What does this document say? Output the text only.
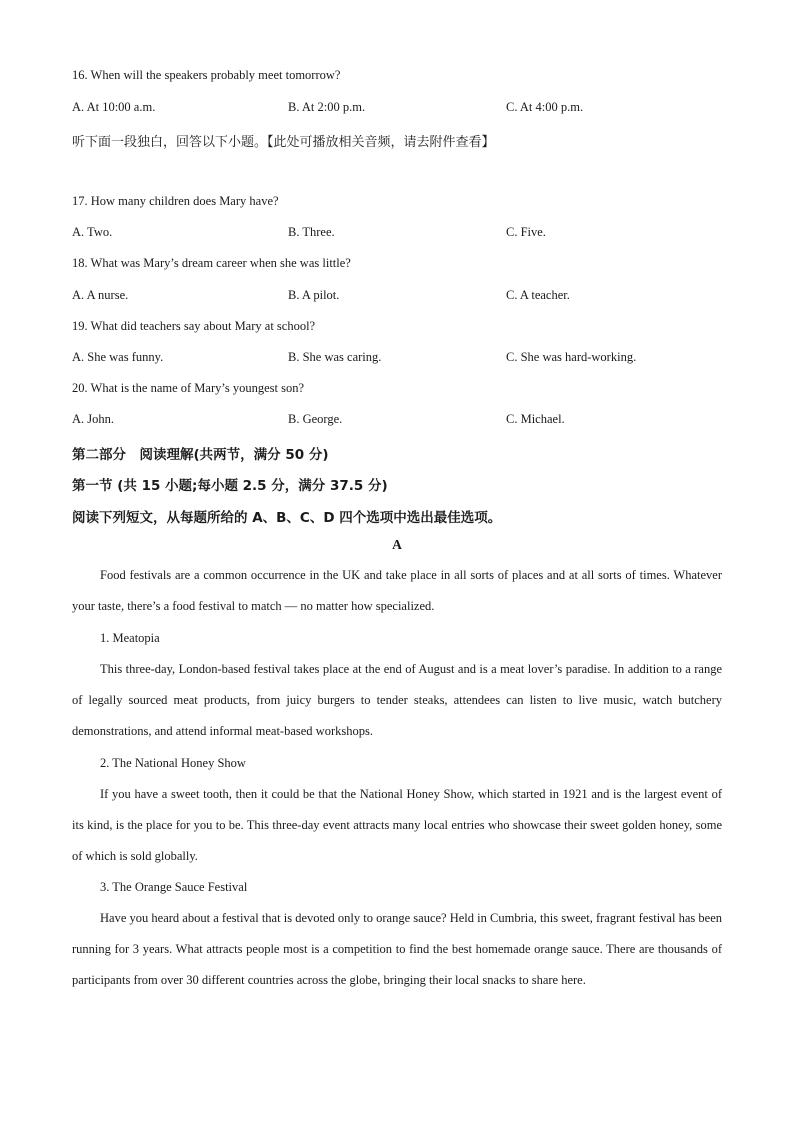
16. When will the speakers probably meet tomorrow?
A. At 10:00 a.m.	B. At 2:00 p.m.	C. At 4:00 p.m.
听下面一段独白，回答以下小题。【此处可播放相关音频，请去附件查看】
17. How many children does Mary have?
A. Two.	B. Three.	C. Five.
18. What was Mary’s dream career when she was little?
A. A nurse.	B. A pilot.	C. A teacher.
19. What did teachers say about Mary at school?
A. She was funny.	B. She was caring.	C. She was hard-working.
20. What is the name of Mary’s youngest son?
A. John.	B. George.	C. Michael.
第二部分　阅读理解(共两节，满分 50 分)
第一节 (共 15 小题;每小题 2.5 分，满分 37.5 分)
阅读下列短文，从每题所给的 A、B、C、D 四个选项中选出最佳选项。
A

Food festivals are a common occurrence in the UK and take place in all sorts of places and at all sorts of times. Whatever your taste, there’s a food festival to match — no matter how specialized.

1. Meatopia

This three-day, London-based festival takes place at the end of August and is a meat lover’s paradise. In addition to a range of legally sourced meat products, from juicy burgers to tender steaks, attendees can listen to live music, watch butchery demonstrations, and attend informal meat-based workshops.

2. The National Honey Show

If you have a sweet tooth, then it could be that the National Honey Show, which started in 1921 and is the largest event of its kind, is the place for you to be. This three-day event attracts many local entries who showcase their sweet golden honey, some of which is sold globally.

3. The Orange Sauce Festival

Have you heard about a festival that is devoted only to orange sauce? Held in Cumbria, this sweet, fragrant festival has been running for 3 years. What attracts people most is a competition to find the best homemade orange sauce. There are thousands of participants from over 30 different countries across the globe, bringing their local snacks to share here.
